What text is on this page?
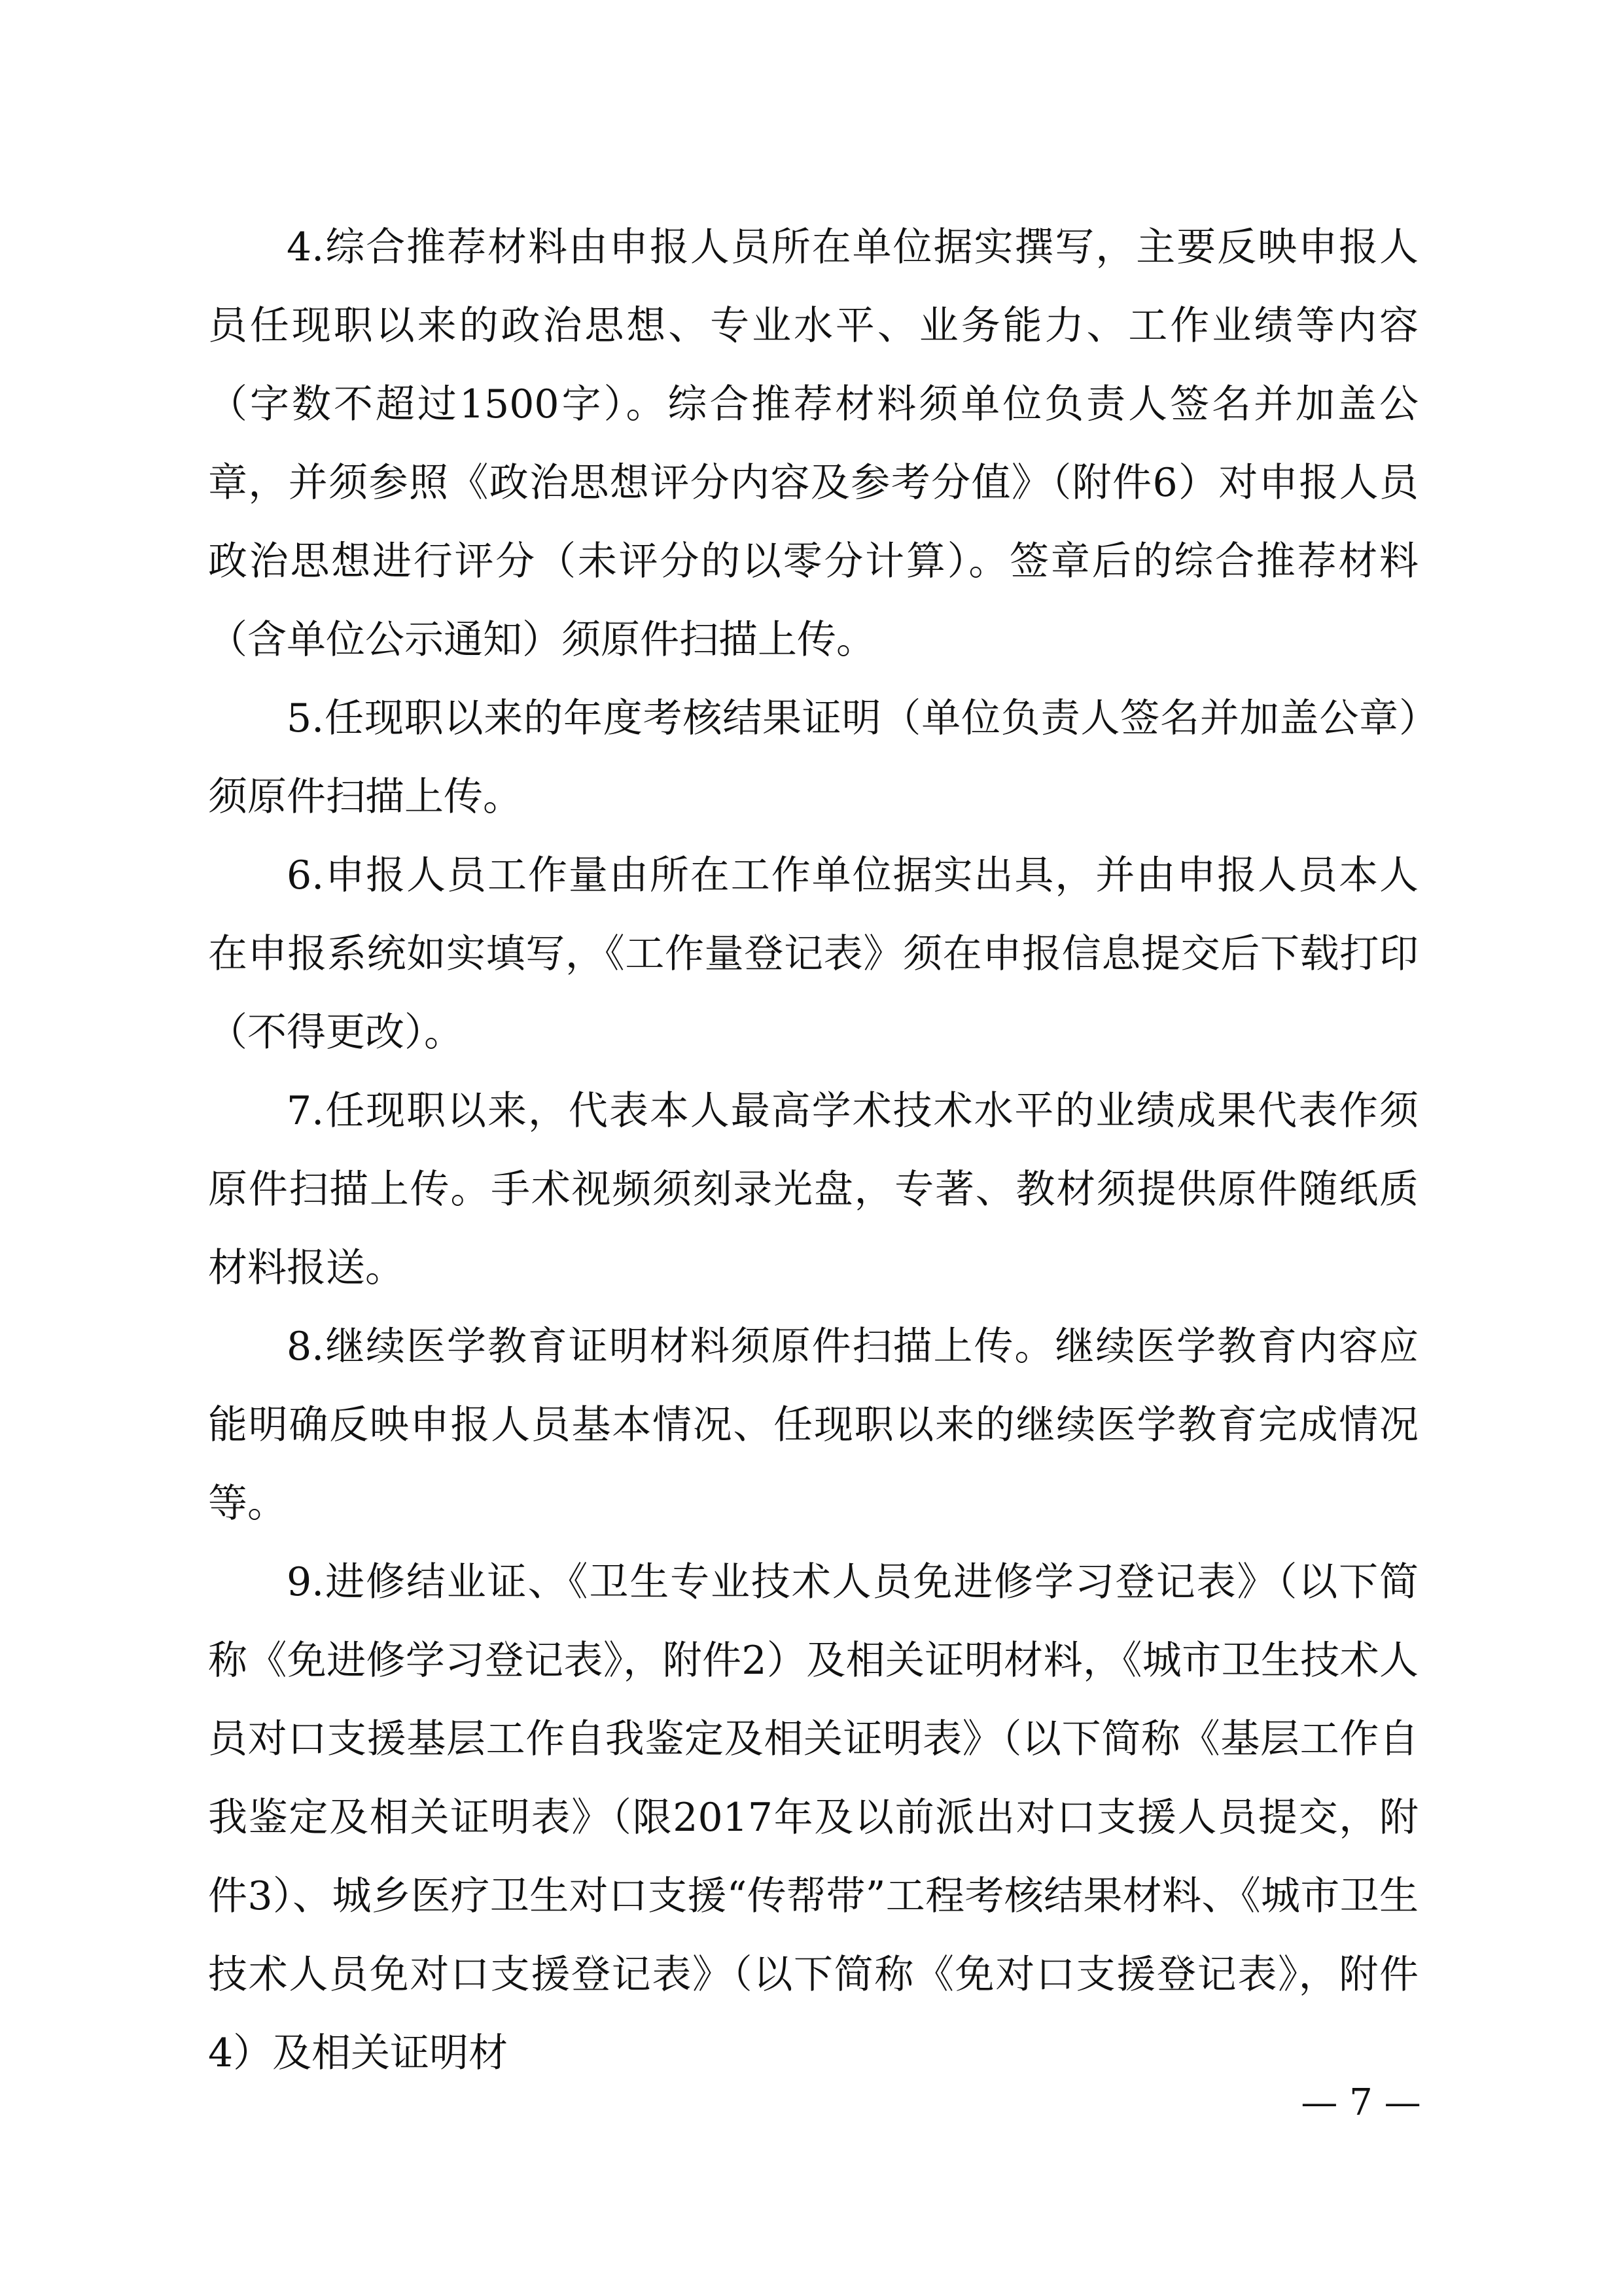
4.综合推荐材料由申报人员所在单位据实撰写，主要反映申报人员任现职以来的政治思想、专业水平、业务能力、工作业绩等内容（字数不超过1500字）。综合推荐材料须单位负责人签名并加盖公章，并须参照《政治思想评分内容及参考分值》（附件6）对申报人员政治思想进行评分（未评分的以零分计算）。签章后的综合推荐材料（含单位公示通知）须原件扫描上传。

5.任现职以来的年度考核结果证明（单位负责人签名并加盖公章）须原件扫描上传。

6.申报人员工作量由所在工作单位据实出具，并由申报人员本人在申报系统如实填写，《工作量登记表》须在申报信息提交后下载打印（不得更改）。

7.任现职以来，代表本人最高学术技术水平的业绩成果代表作须原件扫描上传。手术视频须刻录光盘，专著、教材须提供原件随纸质材料报送。

8.继续医学教育证明材料须原件扫描上传。继续医学教育内容应能明确反映申报人员基本情况、任现职以来的继续医学教育完成情况等。

9.进修结业证、《卫生专业技术人员免进修学习登记表》（以下简称《免进修学习登记表》，附件2）及相关证明材料，《城市卫生技术人员对口支援基层工作自我鉴定及相关证明表》（以下简称《基层工作自我鉴定及相关证明表》（限2017年及以前派出对口支援人员提交，附件3）、城乡医疗卫生对口支援“传帮带”工程考核结果材料、《城市卫生技术人员免对口支援登记表》（以下简称《免对口支援登记表》，附件4）及相关证明材

— 7 —
